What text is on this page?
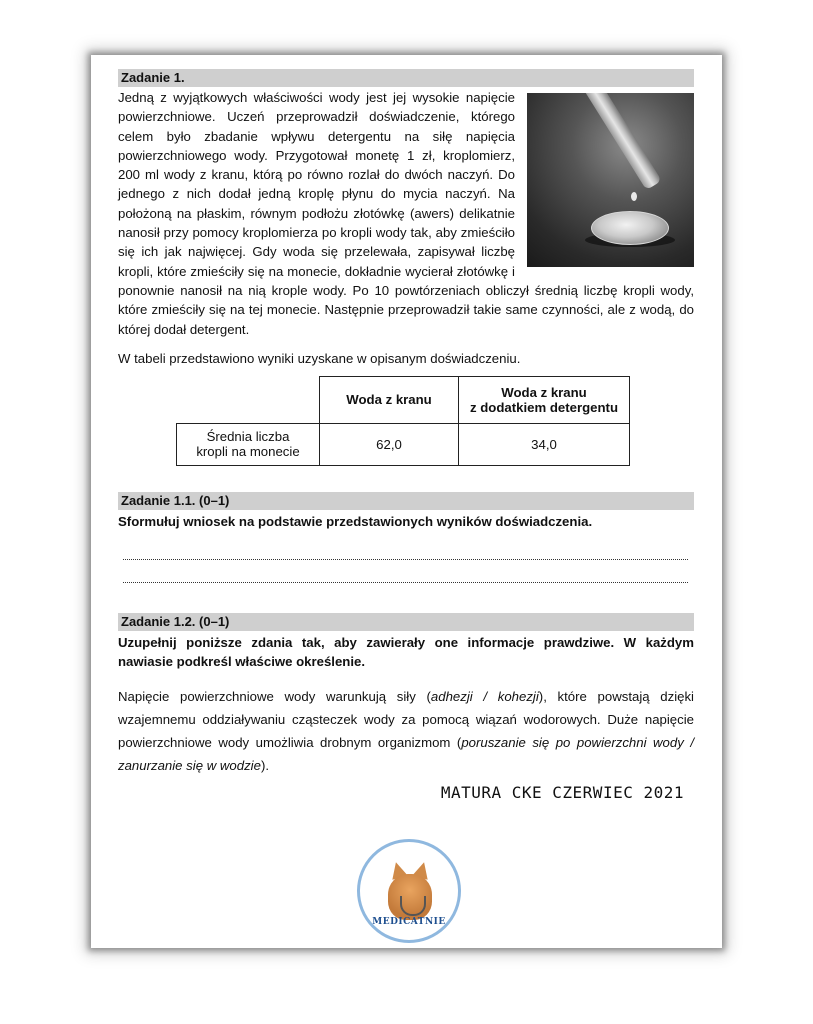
Zadanie 1.
Jedną z wyjątkowych właściwości wody jest jej wysokie napięcie powierzchniowe. Uczeń przeprowadził doświadczenie, którego celem było zbadanie wpływu detergentu na siłę napięcia powierzchniowego wody. Przygotował monetę 1 zł, kroplomierz, 200 ml wody z kranu, którą po równo rozlał do dwóch naczyń. Do jednego z nich dodał jedną kroplę płynu do mycia naczyń. Na położoną na płaskim, równym podłożu złotówkę (awers) delikatnie nanosił przy pomocy kroplomierza po kropli wody tak, aby zmieściło się ich jak najwięcej. Gdy woda się przelewała, zapisywał liczbę kropli, które zmieściły się na monecie, dokładnie wycierał złotówkę i ponownie nanosił na nią krople wody. Po 10 powtórzeniach obliczył średnią liczbę kropli wody, które zmieściły się na tej monecie. Następnie przeprowadził takie same czynności, ale z wodą, do której dodał detergent.
W tabeli przedstawiono wyniki uzyskane w opisanym doświadczeniu.
	Woda z kranu	Woda z kranu
z dodatkiem detergentu
Średnia liczba
kropli na monecie	62,0	34,0
Zadanie 1.1. (0–1)
Sformułuj wniosek na podstawie przedstawionych wyników doświadczenia.
Zadanie 1.2. (0–1)
Uzupełnij poniższe zdania tak, aby zawierały one informacje prawdziwe. W każdym nawiasie podkreśl właściwe określenie.
Napięcie powierzchniowe wody warunkują siły (adhezji / kohezji), które powstają dzięki wzajemnemu oddziaływaniu cząsteczek wody za pomocą wiązań wodorowych. Duże napięcie powierzchniowe wody umożliwia drobnym organizmom (poruszanie się po powierzchni wody / zanurzanie się w wodzie).
MATURA CKE CZERWIEC 2021
MEDICATNIE
